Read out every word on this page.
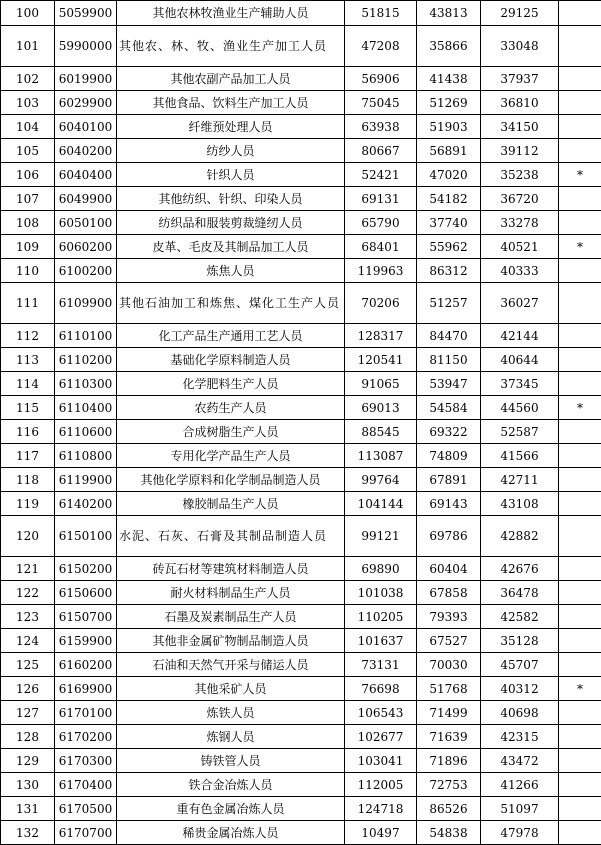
100	5059900	其他农林牧渔业生产辅助人员	51815	43813	29125	
101	5990000	其他农、林、牧、渔业生产加工人员	47208	35866	33048	
102	6019900	其他农副产品加工人员	56906	41438	37937	
103	6029900	其他食品、饮料生产加工人员	75045	51269	36810	
104	6040100	纤维预处理人员	63938	51903	34150	
105	6040200	纺纱人员	80667	56891	39112	
106	6040400	针织人员	52421	47020	35238	*
107	6049900	其他纺织、针织、印染人员	69131	54182	36720	
108	6050100	纺织品和服装剪裁缝纫人员	65790	37740	33278	
109	6060200	皮革、毛皮及其制品加工人员	68401	55962	40521	*
110	6100200	炼焦人员	119963	86312	40333	
111	6109900	其他石油加工和炼焦、煤化工生产人员	70206	51257	36027	
112	6110100	化工产品生产通用工艺人员	128317	84470	42144	
113	6110200	基础化学原料制造人员	120541	81150	40644	
114	6110300	化学肥料生产人员	91065	53947	37345	
115	6110400	农药生产人员	69013	54584	44560	*
116	6110600	合成树脂生产人员	88545	69322	52587	
117	6110800	专用化学产品生产人员	113087	74809	41566	
118	6119900	其他化学原料和化学制品制造人员	99764	67891	42711	
119	6140200	橡胶制品生产人员	104144	69143	43108	
120	6150100	水泥、石灰、石膏及其制品制造人员	99121	69786	42882	
121	6150200	砖瓦石材等建筑材料制造人员	69890	60404	42676	
122	6150600	耐火材料制品生产人员	101038	67858	36478	
123	6150700	石墨及炭素制品生产人员	110205	79393	42582	
124	6159900	其他非金属矿物制品制造人员	101637	67527	35128	
125	6160200	石油和天然气开采与储运人员	73131	70030	45707	
126	6169900	其他采矿人员	76698	51768	40312	*
127	6170100	炼铁人员	106543	71499	40698	
128	6170200	炼钢人员	102677	71639	42315	
129	6170300	铸铁管人员	103041	71896	43472	
130	6170400	铁合金冶炼人员	112005	72753	41266	
131	6170500	重有色金属冶炼人员	124718	86526	51097	
132	6170700	稀贵金属冶炼人员	10497	54838	47978	
